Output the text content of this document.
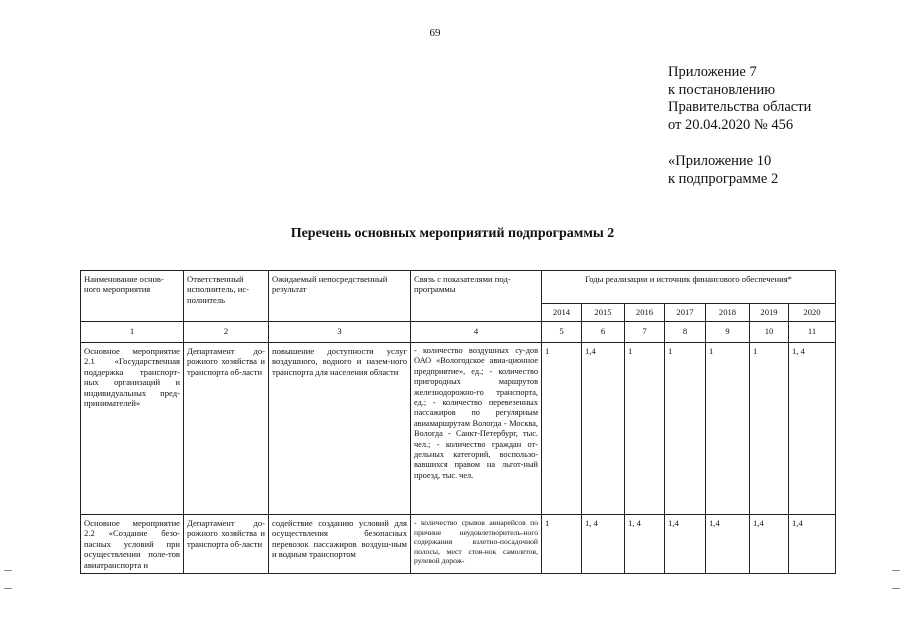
69
Приложение 7
к постановлению
Правительства области
от 20.04.2020 № 456
«Приложение 10
к подпрограмме 2
Перечень основных мероприятий подпрограммы 2
Наименование основ-ного мероприятия	Ответственный исполнитель, ис-полнитель	Ожидаемый непосредственный результат	Связь с показателями под-программы	Годы реализации и источник финансового обеспечения*						
				2014	2015	2016	2017	2018	2019	2020
1	2	3	4	5	6	7	8	9	10	11
Основное мероприятие 2.1 «Государственная поддержка транспорт-ных организаций и индивидуальных пред-принимателей»	Департамент до-рожного хозяйства и транспорта об-ласти	повышение доступности услуг воздушного, водного и назем-ного транспорта для населения области	- количество воздушных су-дов ОАО «Вологодское авиа-ционное предприятие», ед.; - количество пригородных маршрутов железнодорожно-го транспорта, ед.; - количество перевезенных пассажиров по регулярным авиамаршрутам Вологда - Москва, Вологда - Санкт-Петербург, тыс. чел.; - количество граждан от-дельных категорий, воспользо-вавшихся правом на льгот-ный проезд, тыс. чел.	1	1,4	1	1	1	1	1, 4
Основное мероприятие 2.2 «Создание безо-пасных условий при осуществлении поле-тов авиатранспорта и	Департамент до-рожного хозяйства и транспорта об-ласти	содействие созданию условий для осуществления безопасных перевозок пассажиров воздуш-ным и водным транспортом	- количество срывов авиарейсов по причине неудовлетворитель-ного содержания взлетно-посадочной полосы, мест стоя-нок самолетов, рулевой дорож-	1	1, 4	1, 4	1,4	1,4	1,4	1,4
